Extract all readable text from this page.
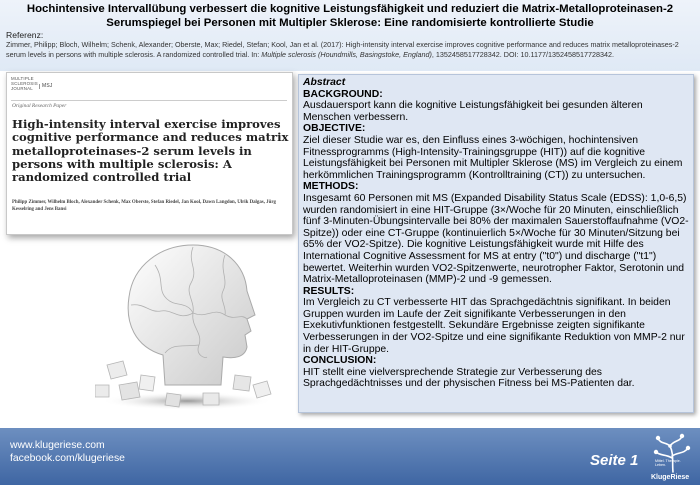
Hochintensive Intervallübung verbessert die kognitive Leistungsfähigkeit und reduziert die Matrix-Metalloproteinasen-2 Serumspiegel bei Personen mit Multipler Sklerose: Eine randomisierte kontrollierte Studie
Referenz:
Zimmer, Philipp; Bloch, Wilhelm; Schenk, Alexander; Oberste, Max; Riedel, Stefan; Kool, Jan et al. (2017): High-intensity interval exercise improves cognitive performance and reduces matrix metalloproteinases-2 serum levels in persons with multiple sclerosis. A randomized controlled trial. In: Multiple sclerosis (Houndmills, Basingstoke, England), 1352458517728342. DOI: 10.1177/1352458517728342.
MULTIPLE
SCLEROSIS
JOURNAL	MSJ
Original Research Paper
High-intensity interval exercise improves cognitive performance and reduces matrix metalloproteinases-2 serum levels in persons with multiple sclerosis: A randomized controlled trial
Philipp Zimmer, Wilhelm Bloch, Alexander Schenk, Max Oberste, Stefan Riedel, Jan Kool, Dawn Langdon, Ulrik Dalgas, Jürg Kesselring and Jens Bansi
Abstract
BACKGROUND:
Ausdauersport kann die kognitive Leistungsfähigkeit bei gesunden älteren Menschen verbessern.
OBJECTIVE:
Ziel dieser Studie war es, den Einfluss eines 3-wöchigen, hochintensiven Fitnessprogramms (High-Intensity-Trainingsgruppe (HIT)) auf die kognitive Leistungsfähigkeit bei Personen mit Multipler Sklerose (MS) im Vergleich zu einem herkömmlichen Trainingsprogramm (Kontrolltraining (CT)) zu untersuchen.
METHODS:
Insgesamt 60 Personen mit MS (Expanded Disability Status Scale (EDSS): 1,0-6,5) wurden randomisiert in eine HIT-Gruppe (3×/Woche für 20 Minuten, einschließlich fünf 3-Minuten-Übungsintervalle bei 80% der maximalen Sauerstoffaufnahme (VO2-Spitze)) oder eine CT-Gruppe (kontinuierlich 5×/Woche für 30 Minuten/Sitzung bei 65% der VO2-Spitze). Die kognitive Leistungsfähigkeit wurde mit Hilfe des International Cognitive Assessment for MS at entry ("t0") und discharge ("t1") bewertet. Weiterhin wurden VO2-Spitzenwerte, neurotropher Faktor, Serotonin und Matrix-Metalloproteinasen (MMP)-2 und -9 gemessen.
RESULTS:
Im Vergleich zu CT verbesserte HIT das Sprachgedächtnis signifikant. In beiden Gruppen wurden im Laufe der Zeit signifikante Verbesserungen in den Exekutivfunktionen festgestellt. Sekundäre Ergebnisse zeigten signifikante Verbesserungen in der VO2-Spitze und eine signifikante Reduktion von MMP-2 nur in der HIT-Gruppe.
CONCLUSION:
HIT stellt eine vielversprechende Strategie zur Verbesserung des Sprachgedächtnisses und der physischen Fitness bei MS-Patienten dar.
www.klugeriese.com
facebook.com/klugeriese	Seite 1	Mittel. Therapie. Leben.
KlugeRiese
